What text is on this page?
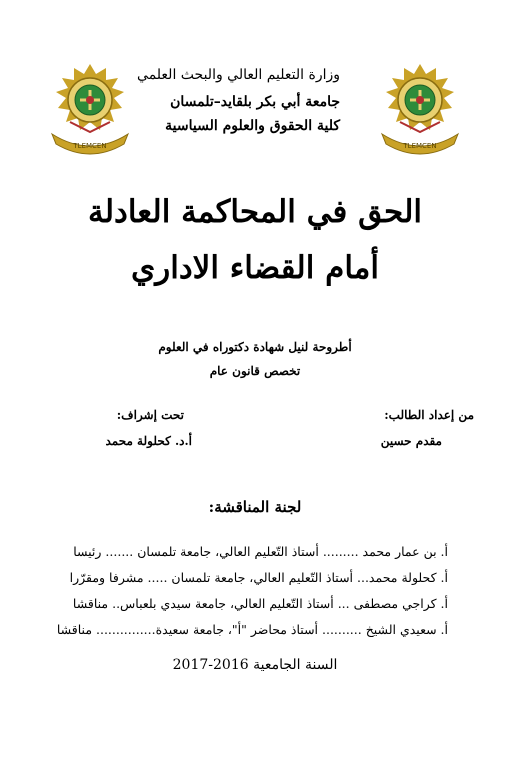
TLEMCEN	TLEMCEN
وزارة التعليم العالي والبحث العلمي
جامعة أبي بكر بلقايد–تلمسان
كلية الحقوق والعلوم السياسية
الحق في المحاكمة العادلة
أمام القضاء الاداري
أطروحة لنيل شهادة دكتوراه في العلوم
تخصص قانون عام
من إعداد الطالب:
مقدم حسين
تحت إشراف:
أ.د. كحلولة محمد
لجنة المناقشة:
أ. بن عمار محمد ......... أستاذ التّعليم العالي، جامعة تلمسان ....... رئيسا
أ. كحلولة محمد... أستاذ التّعليم العالي، جامعة تلمسان ..... مشرفا ومقرّرا
أ. كراجي مصطفى ... أستاذ التّعليم العالي، جامعة سيدي بلعباس.. مناقشا
أ. سعيدي الشيخ .......... أستاذ محاضر "أ"، جامعة سعيدة............... مناقشا
السنة الجامعية 2016-2017
